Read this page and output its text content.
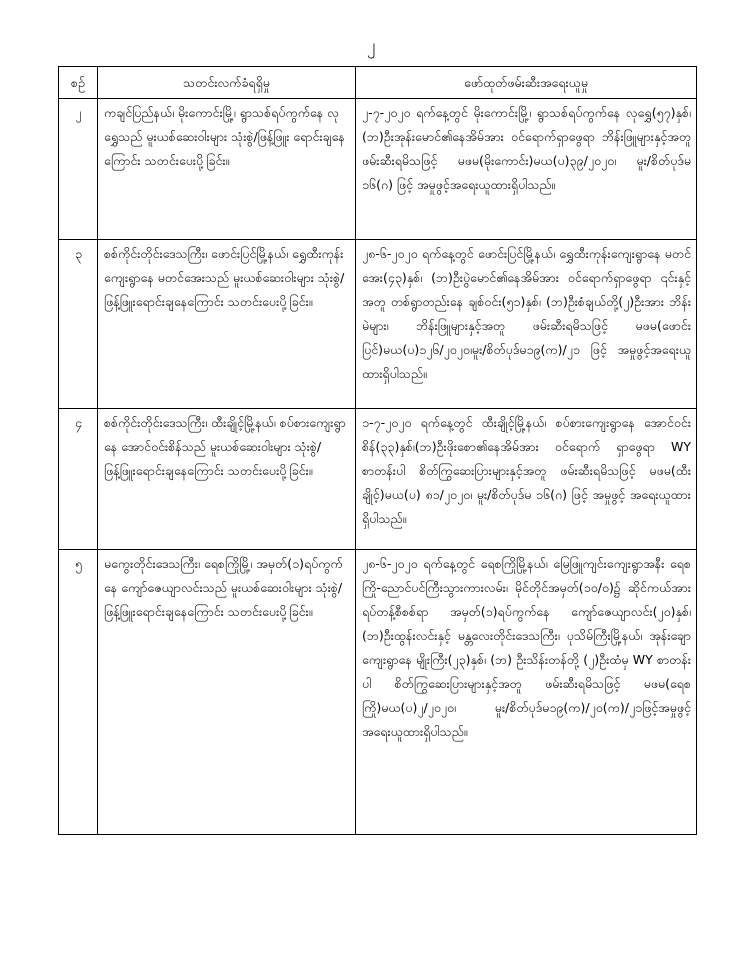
၂
စဉ်	သတင်းလက်ခံရရှိမှု	ဖော်ထုတ်ဖမ်းဆီးအရေးယူမှု
၂	ကချင်ပြည်နယ်၊ မိုးကောင်းမြို့၊ ရွာသစ်ရပ်ကွက်နေ လုရွှေသည် မူးယစ်ဆေးဝါးများ သုံးစွဲ/ဖြန့်ဖြူး ရောင်းချနေကြောင်း သတင်းပေးပို့ခြင်း။	၂-၇-၂၀၂၀ ရက်နေ့တွင် မိုးကောင်းမြို့၊ ရွာသစ်ရပ်ကွက်နေ လုရွှေ(၅၇)နှစ်၊ (ဘ)ဦးအုန်းမောင်၏နေအိမ်အား ဝင်ရောက်ရှာဖွေရာ ဘိန်းဖြူများနှင့်အတူ ဖမ်းဆီးရမိသဖြင့် မဖမ(မိုးကောင်း)မယ(ပ)၃၉/၂၀၂၀၊ မူး/စိတ်ပုဒ်မ ၁၆(ဂ) ဖြင့် အမှုဖွင့်အရေးယူထားရှိပါသည်။
၃	စစ်ကိုင်းတိုင်းဒေသကြီး၊ ဖောင်းပြင်မြို့နယ်၊ ရွှေထီးကုန်းကျေးရွာနေ မတင်အေးသည် မူးယစ်ဆေးဝါးများ သုံးစွဲ/ဖြန့်ဖြူးရောင်းချနေကြောင်း သတင်းပေးပို့ခြင်း။	၂၈-၆-၂၀၂၀ ရက်နေ့တွင် ဖောင်းပြင်မြို့နယ်၊ ရွှေထီးကုန်းကျေးရွာနေ မတင်အေး(၄၃)နှစ်၊ (ဘ)ဦးပွဲမောင်၏နေအိမ်အား ဝင်ရောက်ရှာဖွေရာ ၎င်းနှင့်အတူ တစ်ရွာတည်းနေ ချစ်ဝင်း(၅၁)နှစ်၊ (ဘ)ဦးစံချယ်တို့(၂)ဦးအား ဘိန်းမဲများ၊ ဘိန်းဖြူများနှင့်အတူ ဖမ်းဆီးရမိသဖြင့် မဖမ(ဖောင်းပြင်)မယ(ပ)၁၂၆/၂၀၂၀၊မူး/စိတ်ပုဒ်မ၁၉(က)/၂၁ ဖြင့် အမှုဖွင့်အရေးယူထားရှိပါသည်။
၄	စစ်ကိုင်းတိုင်းဒေသကြီး၊ ထီးချိုင့်မြို့နယ်၊ စပ်စားကျေးရွာနေ အောင်ဝင်းစိန်သည် မူးယစ်ဆေးဝါးများ သုံးစွဲ/ဖြန့်ဖြူးရောင်းချနေကြောင်း သတင်းပေးပို့ခြင်း။	၁-၇-၂၀၂၀ ရက်နေ့တွင် ထီးချိုင့်မြို့နယ်၊ စပ်စားကျေးရွာနေ အောင်ဝင်းစိန်(၃၃)နှစ်၊(ဘ)ဦးဖိုးစော၏နေအိမ်အား ဝင်ရောက် ရှာဖွေရာ WY စာတန်းပါ စိတ်ကြွဆေးပြားများနှင့်အတူ ဖမ်းဆီးရမိသဖြင့် မဖမ(ထီးချိုင့်)မယ(ပ) ၈၁/၂၀၂၀၊ မူး/စိတ်ပုဒ်မ ၁၆(ဂ) ဖြင့် အမှုဖွင့် အရေးယူထားရှိပါသည်။
၅	မကွေးတိုင်းဒေသကြီး၊ ရေစကြိုမြို့၊ အမှတ်(၁)ရပ်ကွက်နေ ကျော်ဇေယျာလင်းသည် မူးယစ်ဆေးဝါးများ သုံးစွဲ/ဖြန့်ဖြူးရောင်းချနေကြောင်း သတင်းပေးပို့ခြင်း။	၂၈-၆-၂၀၂၀ ရက်နေ့တွင် ရေစကြိုမြို့နယ်၊ မြေဖြူကျင်းကျေးရွာအနီး ရေစကြို-ညောင်ပင်ကြီးသွားကားလမ်း၊ မိုင်တိုင်အမှတ်(၁၀/၀)၌ ဆိုင်ကယ်အား ရပ်တန့်စီစစ်ရာ အမှတ်(၁)ရပ်ကွက်နေ ကျော်ဇေယျာလင်း(၂၀)နှစ်၊ (ဘ)ဦးထွန်းလင်းနှင့် မန္တလေးတိုင်းဒေသကြီး၊ ပုသိမ်ကြီးမြို့နယ်၊ အုန်းချောကျေးရွာနေ မျိုးကြီး(၂၃)နှစ်၊ (ဘ) ဦးသိန်းတန်တို့ (၂)ဦးထံမှ WY စာတန်းပါ စိတ်ကြွဆေးပြားများနှင့်အတူ ဖမ်းဆီးရမိသဖြင့် မဖမ(ရေစကြို)မယ(ပ)၂/၂၀၂၀၊ မူး/စိတ်ပုဒ်မ၁၉(က)/၂၀(က)/၂၁ဖြင့်အမှုဖွင့် အရေးယူထားရှိပါသည်။
